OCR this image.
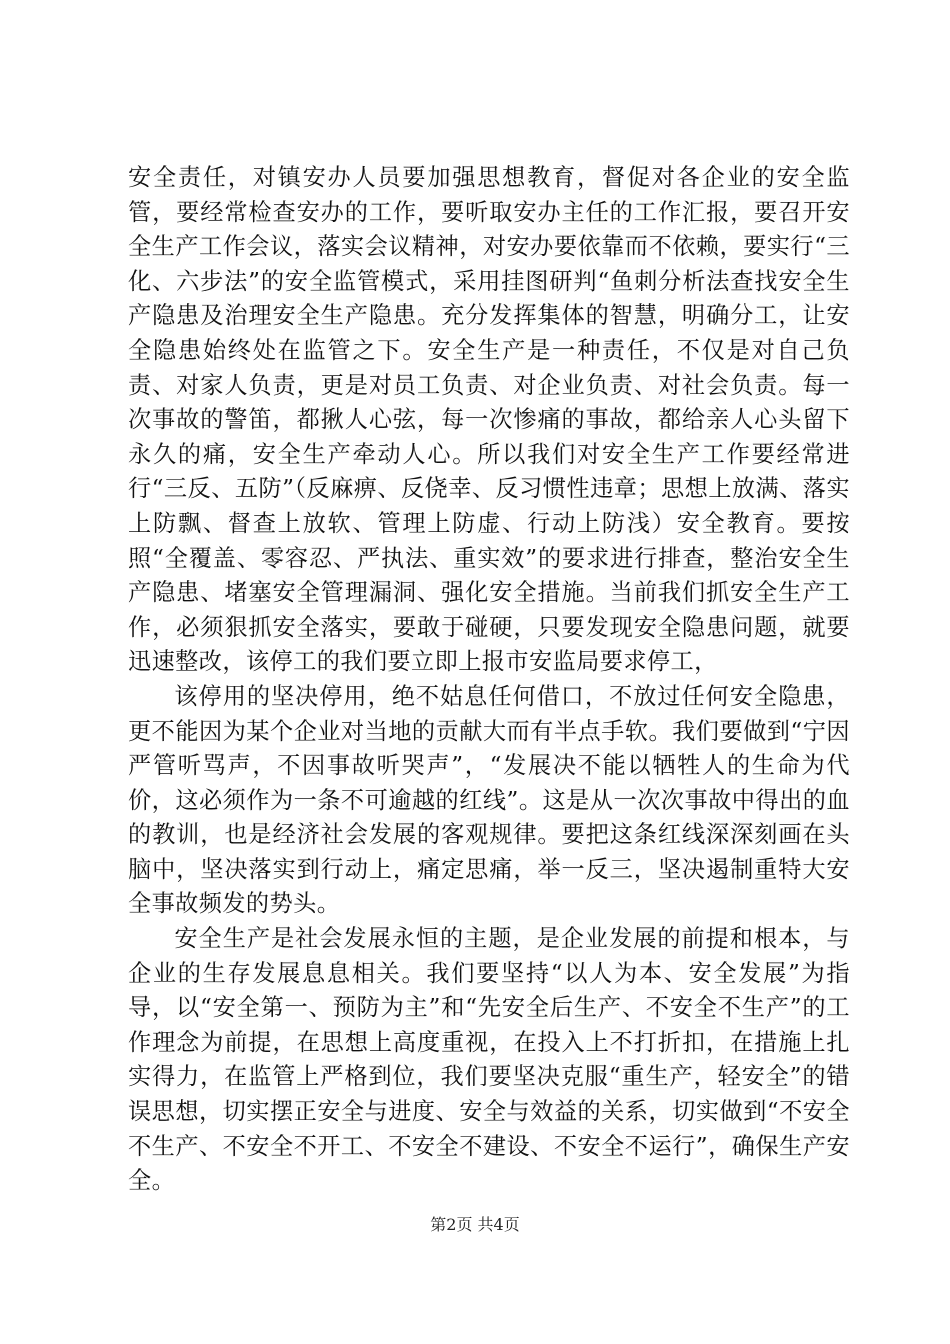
安全责任，对镇安办人员要加强思想教育，督促对各企业的安全监管，要经常检查安办的工作，要听取安办主任的工作汇报，要召开安全生产工作会议，落实会议精神，对安办要依靠而不依赖，要实行“三化、六步法”的安全监管模式，采用挂图研判“鱼刺分析法查找安全生产隐患及治理安全生产隐患。充分发挥集体的智慧，明确分工，让安全隐患始终处在监管之下。安全生产是一种责任，不仅是对自己负责、对家人负责，更是对员工负责、对企业负责、对社会负责。每一次事故的警笛，都揪人心弦，每一次惨痛的事故，都给亲人心头留下永久的痛，安全生产牵动人心。所以我们对安全生产工作要经常进行“三反、五防”（反麻痹、反侥幸、反习惯性违章；思想上放满、落实上防飘、督查上放软、管理上防虚、行动上防浅）安全教育。要按照“全覆盖、零容忍、严执法、重实效”的要求进行排查，整治安全生产隐患、堵塞安全管理漏洞、强化安全措施。当前我们抓安全生产工作，必须狠抓安全落实，要敢于碰硬，只要发现安全隐患问题，就要迅速整改，该停工的我们要立即上报市安监局要求停工，

该停用的坚决停用，绝不姑息任何借口，不放过任何安全隐患，更不能因为某个企业对当地的贡献大而有半点手软。我们要做到“宁因严管听骂声，不因事故听哭声”，“发展决不能以牺牲人的生命为代价，这必须作为一条不可逾越的红线”。这是从一次次事故中得出的血的教训，也是经济社会发展的客观规律。要把这条红线深深刻画在头脑中，坚决落实到行动上，痛定思痛，举一反三，坚决遏制重特大安全事故频发的势头。

安全生产是社会发展永恒的主题，是企业发展的前提和根本，与企业的生存发展息息相关。我们要坚持“以人为本、安全发展”为指导，以“安全第一、预防为主”和“先安全后生产、不安全不生产”的工作理念为前提，在思想上高度重视，在投入上不打折扣，在措施上扎实得力，在监管上严格到位，我们要坚决克服“重生产，轻安全”的错误思想，切实摆正安全与进度、安全与效益的关系，切实做到“不安全不生产、不安全不开工、不安全不建设、不安全不运行”，确保生产安全。

第2页 共4页
